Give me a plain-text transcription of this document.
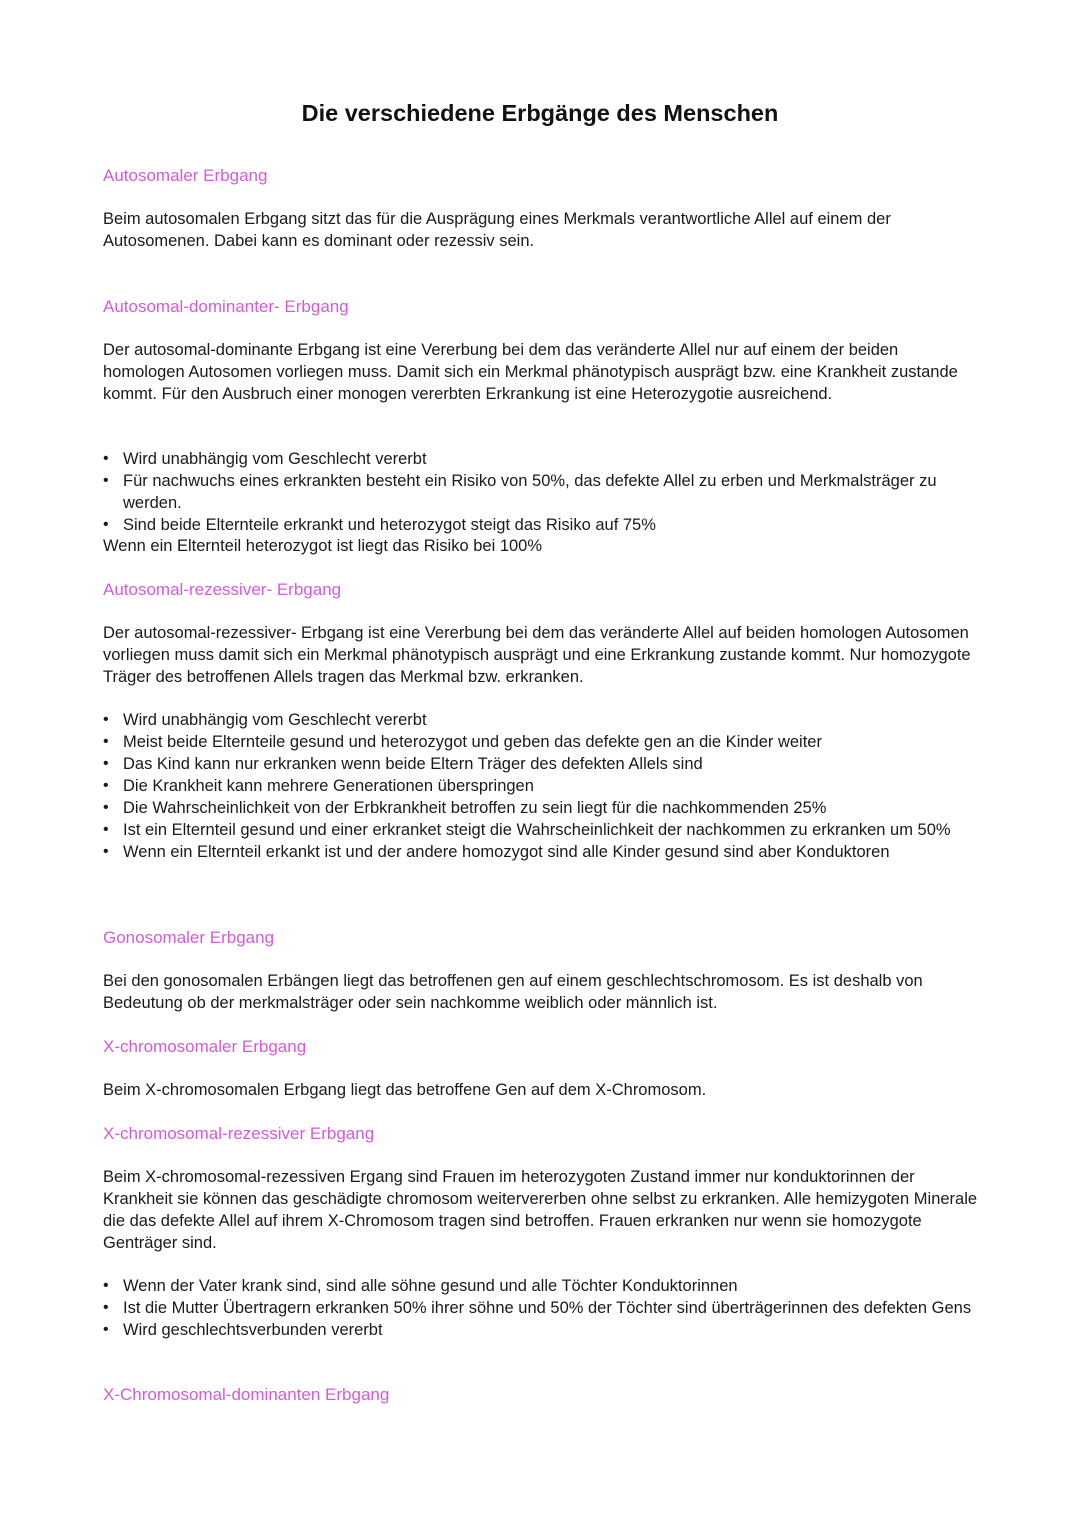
Die verschiedene Erbgänge des Menschen
Autosomaler Erbgang

Beim autosomalen Erbgang sitzt das für die Ausprägung eines Merkmals verantwortliche Allel auf einem der Autosomenen. Dabei kann es dominant oder rezessiv sein.

Autosomal-dominanter- Erbgang

Der autosomal-dominante Erbgang ist eine Vererbung bei dem das veränderte Allel nur auf einem der beiden homologen Autosomen vorliegen muss. Damit sich ein Merkmal phänotypisch ausprägt bzw. eine Krankheit zustande kommt. Für den Ausbruch einer monogen vererbten Erkrankung ist eine Heterozygotie ausreichend.

• Wird unabhängig vom Geschlecht vererbt
• Für nachwuchs eines erkrankten besteht ein Risiko von 50%, das defekte Allel zu erben und Merkmalsträger zu werden.
• Sind beide Elternteile erkrankt und heterozygot steigt das Risiko auf 75%

Wenn ein Elternteil heterozygot ist liegt das Risiko bei 100%

Autosomal-rezessiver- Erbgang

Der autosomal-rezessiver- Erbgang ist eine Vererbung bei dem das veränderte Allel auf beiden homologen Autosomen vorliegen muss damit sich ein Merkmal phänotypisch ausprägt und eine Erkrankung zustande kommt. Nur homozygote Träger des betroffenen Allels tragen das Merkmal bzw. erkranken.

• Wird unabhängig vom Geschlecht vererbt
• Meist beide Elternteile gesund und heterozygot und geben das defekte gen an die Kinder weiter
• Das Kind kann nur erkranken wenn beide Eltern Träger des defekten Allels sind
• Die Krankheit kann mehrere Generationen überspringen
• Die Wahrscheinlichkeit von der Erbkrankheit betroffen zu sein liegt für die nachkommenden 25%
• Ist ein Elternteil gesund und einer erkranket steigt die Wahrscheinlichkeit der nachkommen zu erkranken um 50%
• Wenn ein Elternteil erkankt ist und der andere homozygot sind alle Kinder gesund sind aber Konduktoren
Gonosomaler Erbgang

Bei den gonosomalen Erbängen liegt das betroffenen gen auf einem geschlechtschromosom. Es ist deshalb von Bedeutung ob der merkmalsträger oder sein nachkomme weiblich oder männlich ist.

X-chromosomaler Erbgang

Beim X-chromosomalen Erbgang liegt das betroffene Gen auf dem X-Chromosom.

X-chromosomal-rezessiver Erbgang

Beim X-chromosomal-rezessiven Ergang sind Frauen im heterozygoten Zustand immer nur konduktorinnen der Krankheit sie können das geschädigte chromosom weitervererben ohne selbst zu erkranken. Alle hemizygoten Minerale die das defekte Allel auf ihrem X-Chromosom tragen sind betroffen. Frauen erkranken nur wenn sie homozygote Genträger sind.

• Wenn der Vater krank sind, sind alle söhne gesund und alle Töchter Konduktorinnen
• Ist die Mutter Übertragern erkranken 50% ihrer söhne und 50% der Töchter sind überträgerinnen des defekten Gens
• Wird geschlechtsverbunden vererbt
X-Chromosomal-dominanten Erbgang
